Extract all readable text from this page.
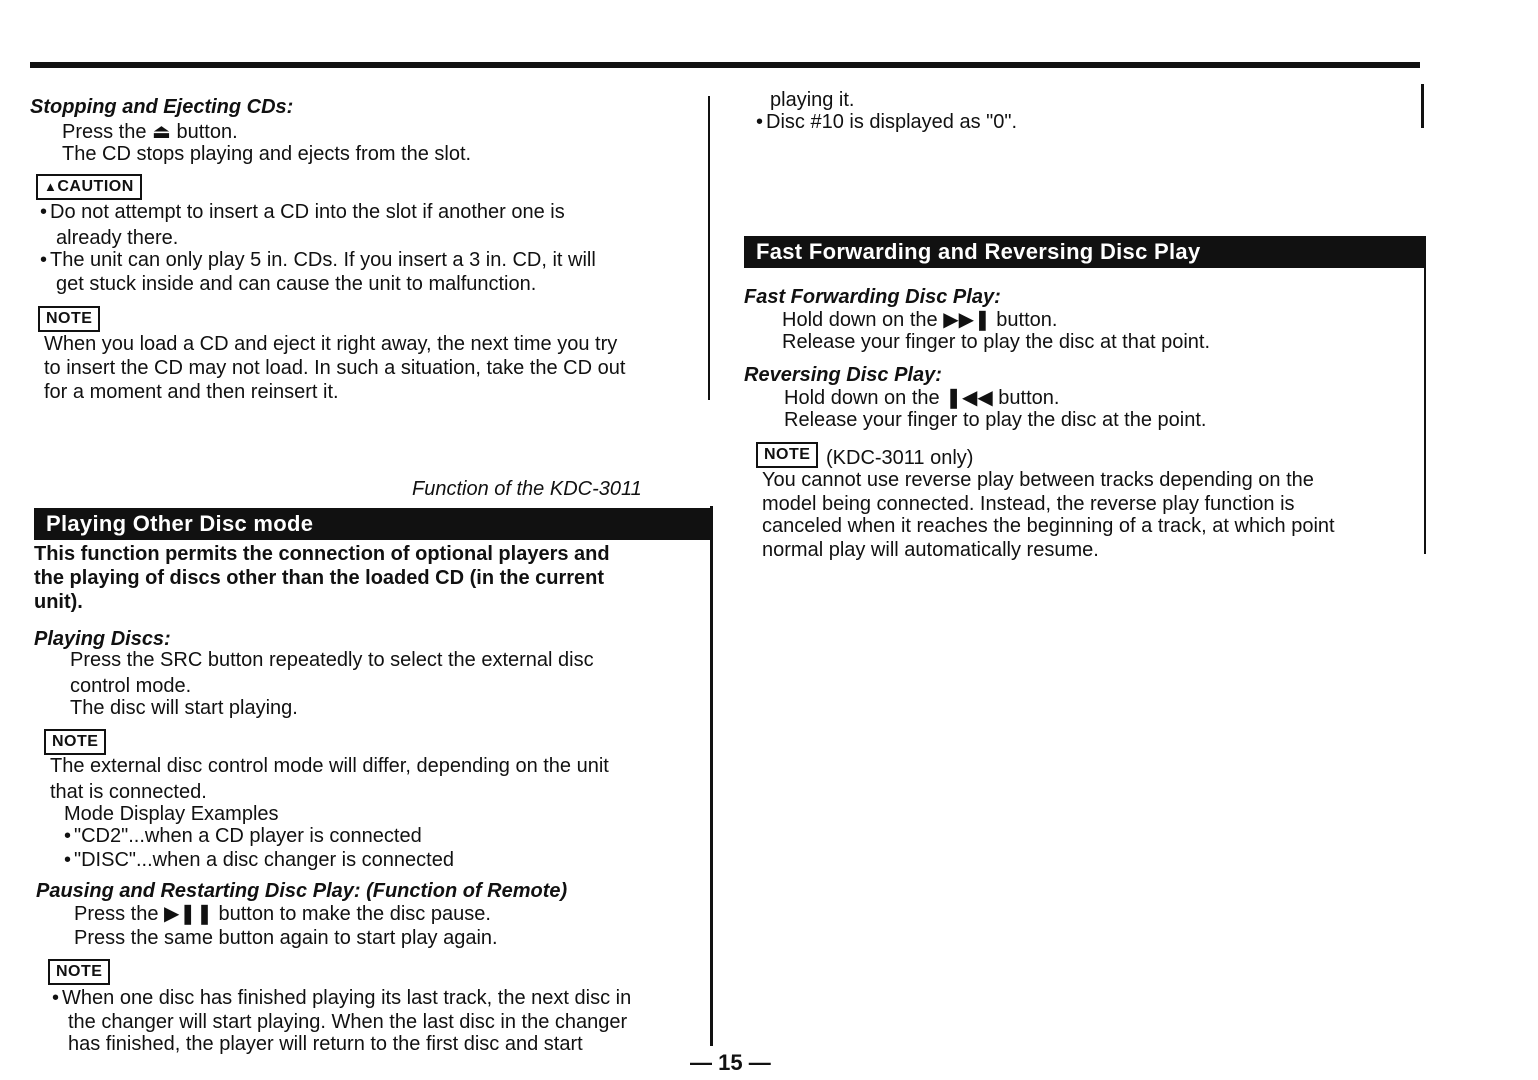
Stopping and Ejecting CDs:
Press the ⏏ button.
The CD stops playing and ejects from the slot.
▲CAUTION
• Do not attempt to insert a CD into the slot if another one is
already there.
• The unit can only play 5 in. CDs. If you insert a 3 in. CD, it will
get stuck inside and can cause the unit to malfunction.
NOTE
When you load a CD and eject it right away, the next time you try
to insert the CD may not load. In such a situation, take the CD out
for a moment and then reinsert it.
Function of the KDC-3011
Playing Other Disc mode
This function permits the connection of optional players and
the playing of discs other than the loaded CD (in the current
unit).
Playing Discs:
Press the SRC button repeatedly to select the external disc
control mode.
The disc will start playing.
NOTE
The external disc control mode will differ, depending on the unit
that is connected.
Mode Display Examples
• "CD2"...when a CD player is connected
• "DISC"...when a disc changer is connected
Pausing and Restarting Disc Play: (Function of Remote)
Press the ▶❚❚ button to make the disc pause.
Press the same button again to start play again.
NOTE
• When one disc has finished playing its last track, the next disc in
the changer will start playing. When the last disc in the changer
has finished, the player will return to the first disc and start
playing it.
• Disc #10 is displayed as "0".
Fast Forwarding and Reversing Disc Play
Fast Forwarding Disc Play:
Hold down on the ▶▶❚ button.
Release your finger to play the disc at that point.
Reversing Disc Play:
Hold down on the ❚◀◀ button.
Release your finger to play the disc at the point.
NOTE (KDC-3011 only)
You cannot use reverse play between tracks depending on the
model being connected. Instead, the reverse play function is
canceled when it reaches the beginning of a track, at which point
normal play will automatically resume.
— 15 —
